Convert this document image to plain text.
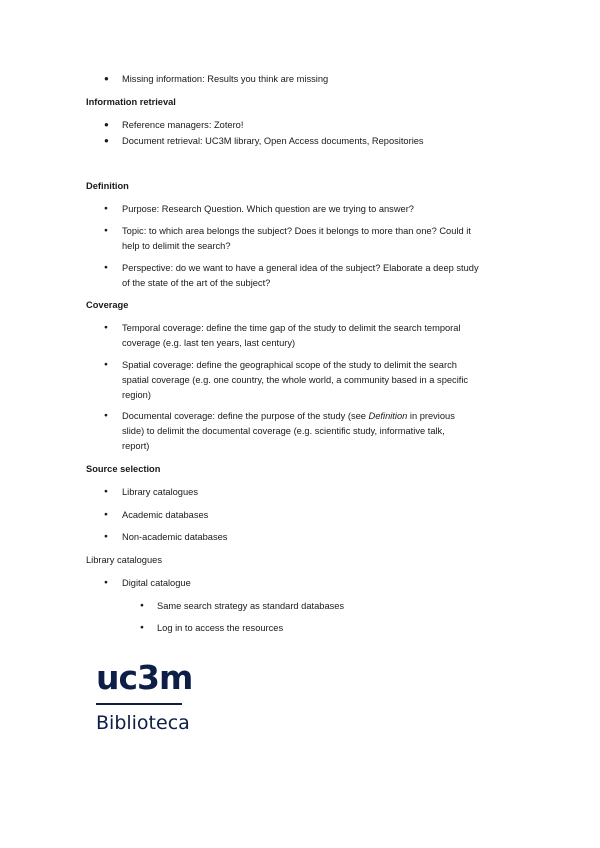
● Missing information: Results you think are missing
Information retrieval
● Reference managers: Zotero!
● Document retrieval: UC3M library, Open Access documents, Repositories
Definition
● Purpose: Research Question. Which question are we trying to answer?
● Topic: to which area belongs the subject? Does it belongs to more than one? Could it
help to delimit the search?
● Perspective: do we want to have a general idea of the subject? Elaborate a deep study
of the state of the art of the subject?
Coverage
● Temporal coverage: define the time gap of the study to delimit the search temporal
coverage (e.g. last ten years, last century)
● Spatial coverage: define the geographical scope of the study to delimit the search
spatial coverage (e.g. one country, the whole world, a community based in a specific
region)
● Documental coverage: define the purpose of the study (see Definition in previous
slide) to delimit the documental coverage (e.g. scientific study, informative talk,
report)
Source selection
● Library catalogues
● Academic databases
● Non-academic databases
Library catalogues
● Digital catalogue
● Same search strategy as standard databases
● Log in to access the resources
uc3m
Biblioteca
